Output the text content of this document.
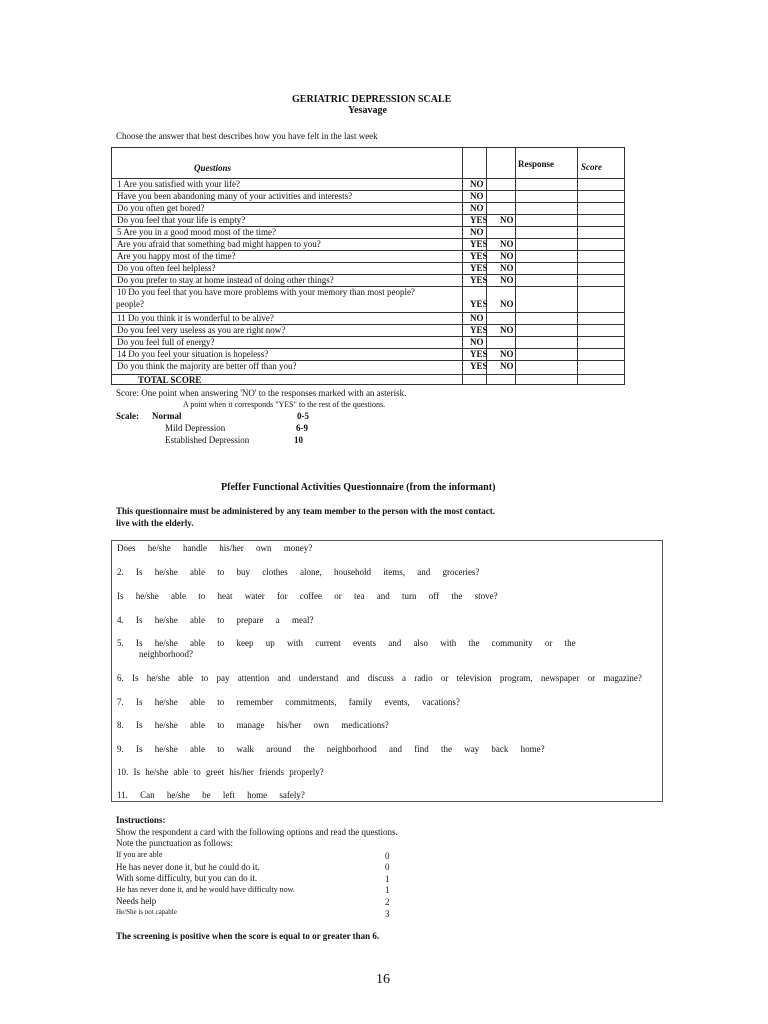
GERIATRIC DEPRESSION SCALE
Yesavage
Choose the answer that best describes how you have felt in the last week
Questions	Response	Score
1 Are you satisfied with your life?	NO
Have you been abandoning many of your activities and interests?	NO
Do you often get bored?	NO
Do you feel that your life is empty?	YES NO
5 Are you in a good mood most of the time?	NO
Are you afraid that something bad might happen to you?	YES NO
Are you happy most of the time?	YES NO
Do you often feel helpless?	YES NO
Do you prefer to stay at home instead of doing other things?	YES NO
10 Do you feel that you have more problems with your memory than most people?
people?	YES NO
11 Do you think it is wonderful to be alive?	NO
Do you feel very useless as you are right now?	YES NO
Do you feel full of energy?	NO
14 Do you feel your situation is hopeless?	YES NO
Do you think the majority are better off than you?	YES NO
TOTAL SCORE
Score: One point when answering 'NO' to the responses marked with an asterisk.
A point when it corresponds "YES" to the rest of the questions.
Scale: Normal	0-5
Mild Depression	6-9
Established Depression	10
Pfeffer Functional Activities Questionnaire (from the informant)
This questionnaire must be administered by any team member to the person with the most contact.
live with the elderly.
Does he/she handle his/her own money?
2. Is he/she able to buy clothes alone, household items, and groceries?
Is he/she able to heat water for coffee or tea and turn off the stove?
4. Is he/she able to prepare a meal?
5. Is he/she able to keep up with current events and also with the community or the
neighborhood?
6. Is he/she able to pay attention and understand and discuss a radio or television program, newspaper or magazine?
7. Is he/she able to remember commitments, family events, vacations?
8. Is he/she able to manage his/her own medications?
9. Is he/she able to walk around the neighborhood and find the way back home?
10. Is he/she able to greet his/her friends properly?
11. Can he/she be left home safely?
Instructions:
Show the respondent a card with the following options and read the questions.
Note the punctuation as follows:
If you are able	0
He has never done it, but he could do it.	0
With some difficulty, but you can do it.	1
He has never done it, and he would have difficulty now.	1
Needs help	2
He/She is not capable	3
The screening is positive when the score is equal to or greater than 6.
16
